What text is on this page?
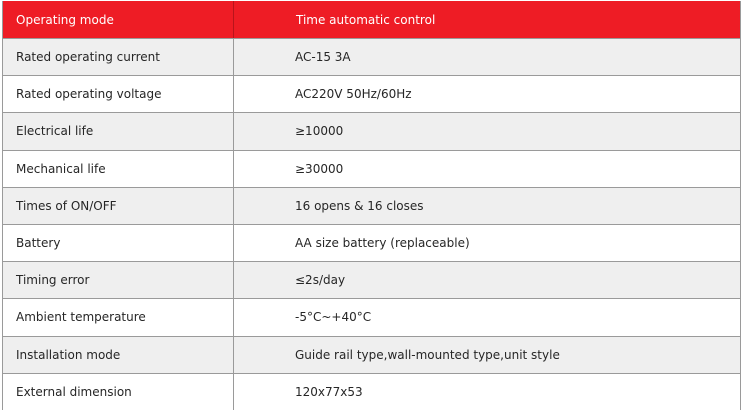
Operating mode	Time automatic control
Rated operating current	AC-15 3A
Rated operating voltage	AC220V 50Hz/60Hz
Electrical life	≥10000
Mechanical life	≥30000
Times of ON/OFF	16 opens & 16 closes
Battery	AA size battery (replaceable)
Timing error	≤2s/day
Ambient temperature	-5°C~+40°C
Installation mode	Guide rail type,wall-mounted type,unit style
External dimension	120x77x53
